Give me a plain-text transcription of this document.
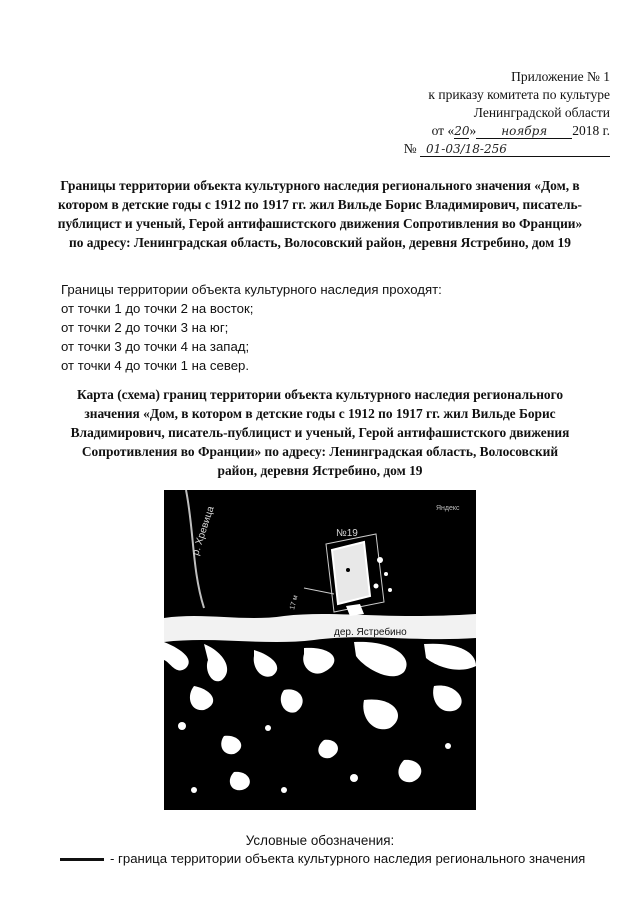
Приложение № 1
к приказу комитета по культуре
Ленинградской области
от «20» ноября 2018 г.
№ 01-03/18-256
Границы территории объекта культурного наследия регионального значения «Дом, в котором в детские годы с 1912 по 1917 гг. жил Вильде Борис Владимирович, писатель-публицист и ученый, Герой антифашистского движения Сопротивления во Франции» по адресу: Ленинградская область, Волосовский район, деревня Ястребино, дом 19
Границы территории объекта культурного наследия проходят:
от точки 1 до точки 2 на восток;
от точки 2 до точки 3 на юг;
от точки 3 до точки 4 на запад;
от точки 4 до точки 1 на север.
Карта (схема) границ территории объекта культурного наследия регионального значения «Дом, в котором в детские годы с 1912 по 1917 гг. жил Вильде Борис Владимирович, писатель-публицист и ученый, Герой антифашистского движения Сопротивления во Франции» по адресу: Ленинградская область, Волосовский район, деревня Ястребино, дом 19
р. Хревица	№19
дер. Ястребино
17 м
Яндекс
Условные обозначения:
- граница территории объекта культурного наследия регионального значения
